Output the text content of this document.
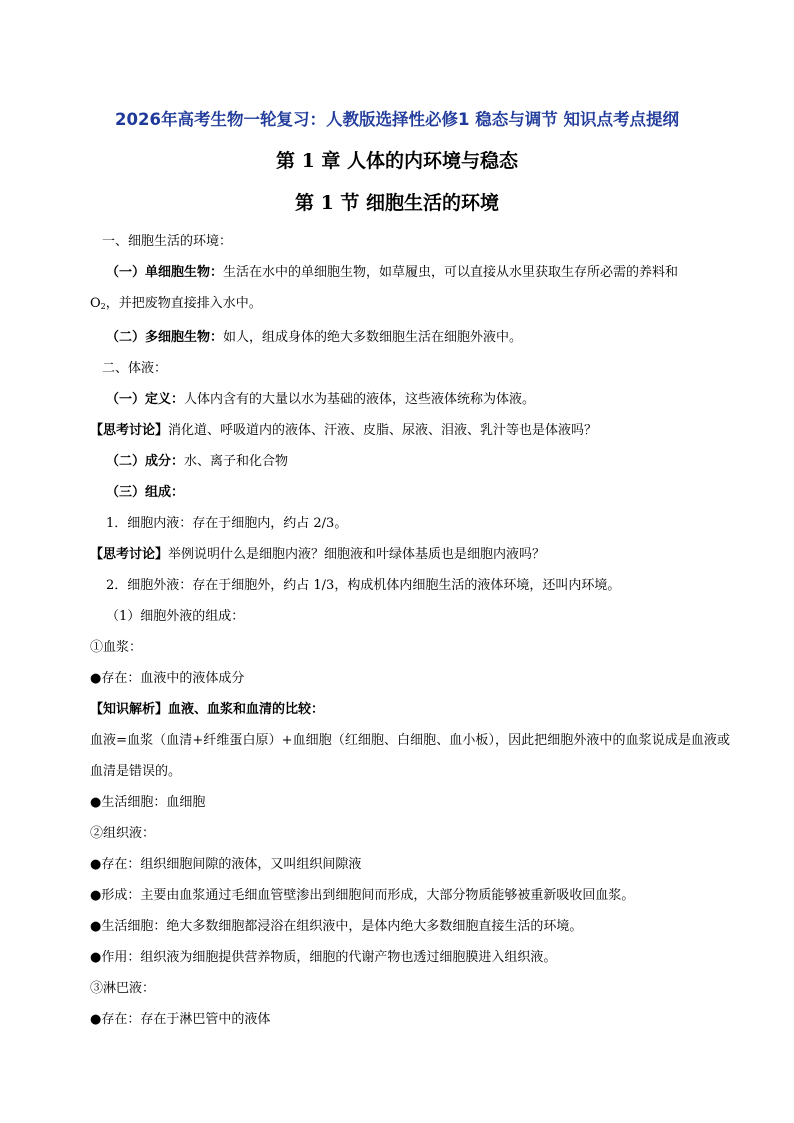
2026年高考生物一轮复习：人教版选择性必修1 稳态与调节 知识点考点提纲
第 1 章 人体的内环境与稳态
第 1 节 细胞生活的环境

一、细胞生活的环境：

（一）单细胞生物：生活在水中的单细胞生物，如草履虫，可以直接从水里获取生存所必需的养料和

$O_2$，并把废物直接排入水中。

（二）多细胞生物：如人，组成身体的绝大多数细胞生活在细胞外液中。

二、体液：

（一）定义：人体内含有的大量以水为基础的液体，这些液体统称为体液。

【思考讨论】消化道、呼吸道内的液体、汗液、皮脂、尿液、泪液、乳汁等也是体液吗？

（二）成分：水、离子和化合物

（三）组成：

1．细胞内液：存在于细胞内，约占 2/3。

【思考讨论】举例说明什么是细胞内液？细胞液和叶绿体基质也是细胞内液吗？

2．细胞外液：存在于细胞外，约占 1/3，构成机体内细胞生活的液体环境，还叫内环境。

（1）细胞外液的组成：

①血浆：

●存在：血液中的液体成分

【知识解析】血液、血浆和血清的比较：

血液=血浆（血清+纤维蛋白原）+血细胞（红细胞、白细胞、血小板），因此把细胞外液中的血浆说成是血液或血清是错误的。

●生活细胞：血细胞

②组织液：

●存在：组织细胞间隙的液体，又叫组织间隙液

●形成：主要由血浆通过毛细血管壁渗出到细胞间而形成，大部分物质能够被重新吸收回血浆。

●生活细胞：绝大多数细胞都浸浴在组织液中，是体内绝大多数细胞直接生活的环境。

●作用：组织液为细胞提供营养物质，细胞的代谢产物也透过细胞膜进入组织液。

③淋巴液：

●存在：存在于淋巴管中的液体
